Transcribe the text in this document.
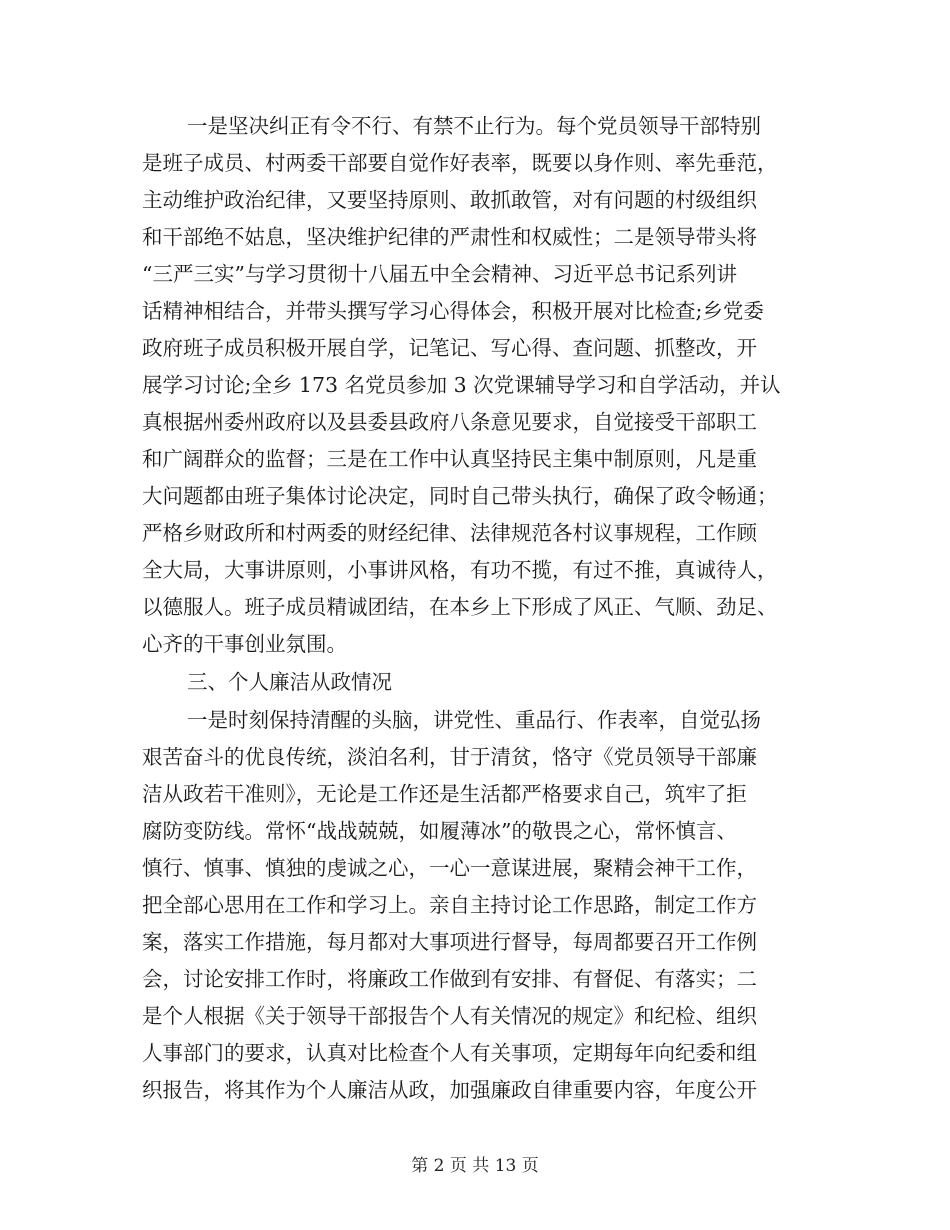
一是坚决纠正有令不行、有禁不止行为。每个党员领导干部特别
是班子成员、村两委干部要自觉作好表率，既要以身作则、率先垂范，
主动维护政治纪律，又要坚持原则、敢抓敢管，对有问题的村级组织
和干部绝不姑息，坚决维护纪律的严肃性和权威性；二是领导带头将
“三严三实”与学习贯彻十八届五中全会精神、习近平总书记系列讲
话精神相结合，并带头撰写学习心得体会，积极开展对比检查;乡党委
政府班子成员积极开展自学，记笔记、写心得、查问题、抓整改，开
展学习讨论;全乡 173 名党员参加 3 次党课辅导学习和自学活动，并认
真根据州委州政府以及县委县政府八条意见要求，自觉接受干部职工
和广阔群众的监督；三是在工作中认真坚持民主集中制原则，凡是重
大问题都由班子集体讨论决定，同时自己带头执行，确保了政令畅通；
严格乡财政所和村两委的财经纪律、法律规范各村议事规程，工作顾
全大局，大事讲原则，小事讲风格，有功不揽，有过不推，真诚待人，
以德服人。班子成员精诚团结，在本乡上下形成了风正、气顺、劲足、
心齐的干事创业氛围。
三、个人廉洁从政情况
一是时刻保持清醒的头脑，讲党性、重品行、作表率，自觉弘扬
艰苦奋斗的优良传统，淡泊名利，甘于清贫，恪守《党员领导干部廉
洁从政若干准则》，无论是工作还是生活都严格要求自己，筑牢了拒
腐防变防线。常怀“战战兢兢，如履薄冰”的敬畏之心，常怀慎言、
慎行、慎事、慎独的虔诚之心，一心一意谋进展，聚精会神干工作，
把全部心思用在工作和学习上。亲自主持讨论工作思路，制定工作方
案，落实工作措施，每月都对大事项进行督导，每周都要召开工作例
会，讨论安排工作时，将廉政工作做到有安排、有督促、有落实；二
是个人根据《关于领导干部报告个人有关情况的规定》和纪检、组织
人事部门的要求，认真对比检查个人有关事项，定期每年向纪委和组
织报告，将其作为个人廉洁从政，加强廉政自律重要内容，年度公开
第 2 页 共 13 页
